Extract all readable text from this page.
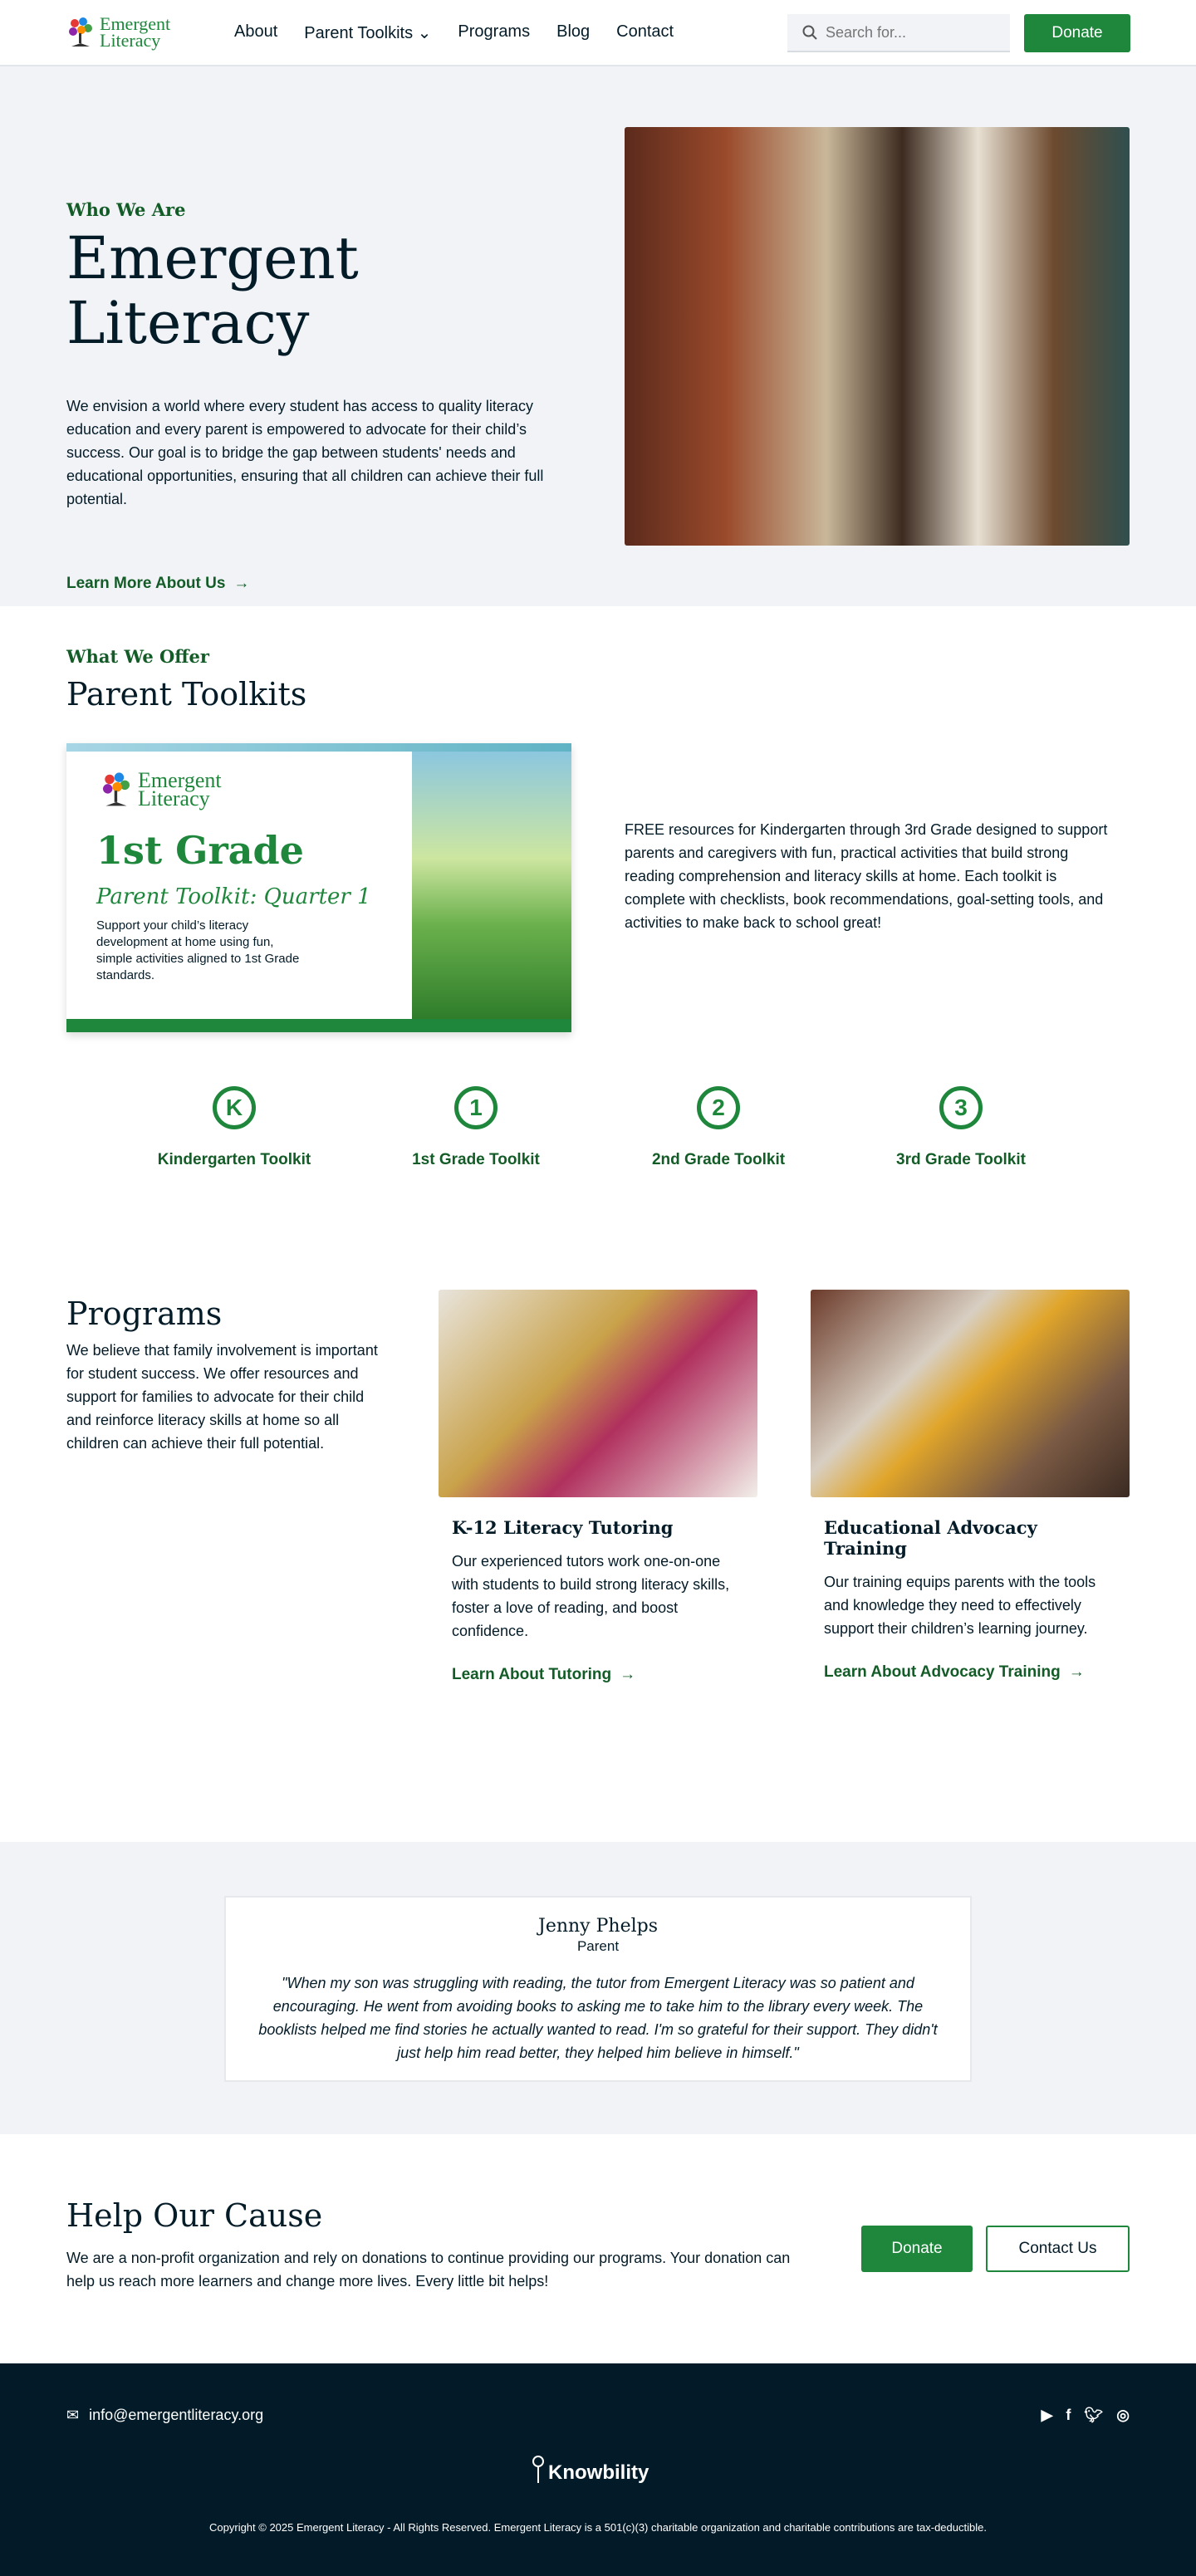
Emergent
Literacy	About Parent Toolkits ⌄ Programs Blog Contact
Search for...	Donate
Who We Are
Emergent
Literacy

We envision a world where every student has access to quality literacy education and every parent is empowered to advocate for their child’s success. Our goal is to bridge the gap between students' needs and educational opportunities, ensuring that all children can achieve their full potential.

Learn More About Us →
What We Offer
Parent Toolkits
Emergent
Literacy
1st Grade
Parent Toolkit: Quarter 1
Support your child’s literacy development at home using fun, simple activities aligned to 1st Grade standards.

FREE resources for Kindergarten through 3rd Grade designed to support parents and caregivers with fun, practical activities that build strong reading comprehension and literacy skills at home. Each toolkit is complete with checklists, book recommendations, goal-setting tools, and activities to make back to school great!

K
Kindergarten Toolkit
1
1st Grade Toolkit
2
2nd Grade Toolkit
3
3rd Grade Toolkit
Programs

We believe that family involvement is important for student success. We offer resources and support for families to advocate for their child and reinforce literacy skills at home so all children can achieve their full potential.

K-12 Literacy Tutoring

Our experienced tutors work one-on-one with students to build strong literacy skills, foster a love of reading, and boost confidence.

Learn About Tutoring →
Educational Advocacy Training

Our training equips parents with the tools and knowledge they need to effectively support their children’s learning journey.

Learn About Advocacy Training →
Jenny Phelps
Parent
"When my son was struggling with reading, the tutor from Emergent Literacy was so patient and encouraging. He went from avoiding books to asking me to take him to the library every week. The booklists helped me find stories he actually wanted to read. I'm so grateful for their support. They didn't just help him read better, they helped him believe in himself."
Help Our Cause

We are a non-profit organization and rely on donations to continue providing our programs. Your donation can help us reach more learners and change more lives. Every little bit helps!

Donate	Contact Us
✉ info@emergentliteracy.org	▶ f 🐦︎ ◎
Knowbility
Copyright © 2025 Emergent Literacy - All Rights Reserved. Emergent Literacy is a 501(c)(3) charitable organization and charitable contributions are tax-deductible.
